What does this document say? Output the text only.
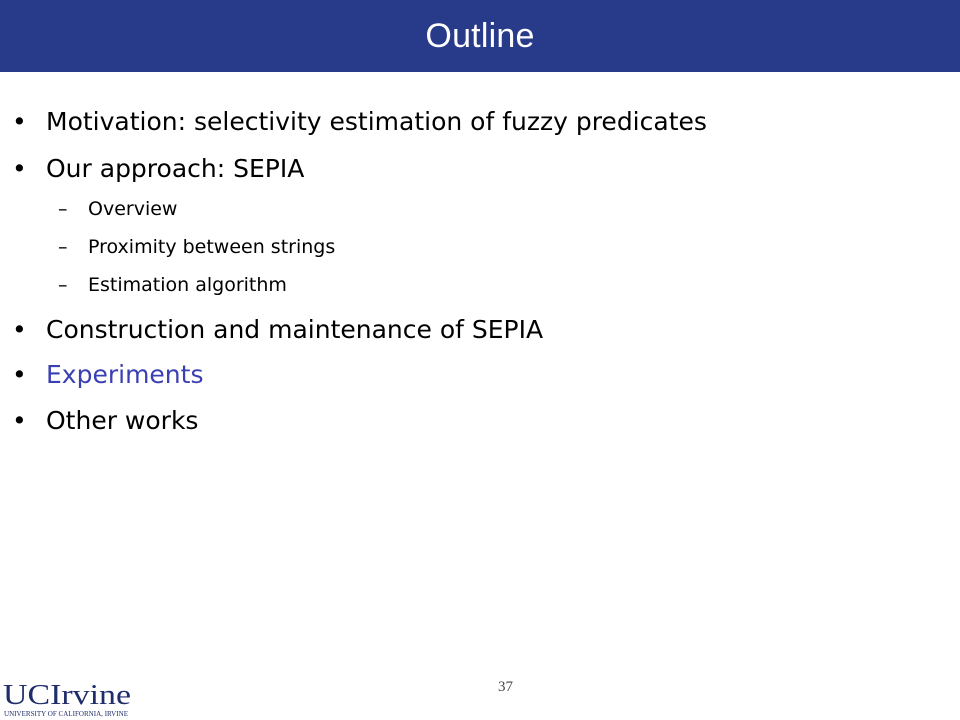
Outline
• Motivation: selectivity estimation of fuzzy predicates
• Our approach: SEPIA
–	Overview
–	Proximity between strings
–	Estimation algorithm
• Construction and maintenance of SEPIA
• Experiments
• Other works
37
UCIrvine
UNIVERSITY OF CALIFORNIA, IRVINE
